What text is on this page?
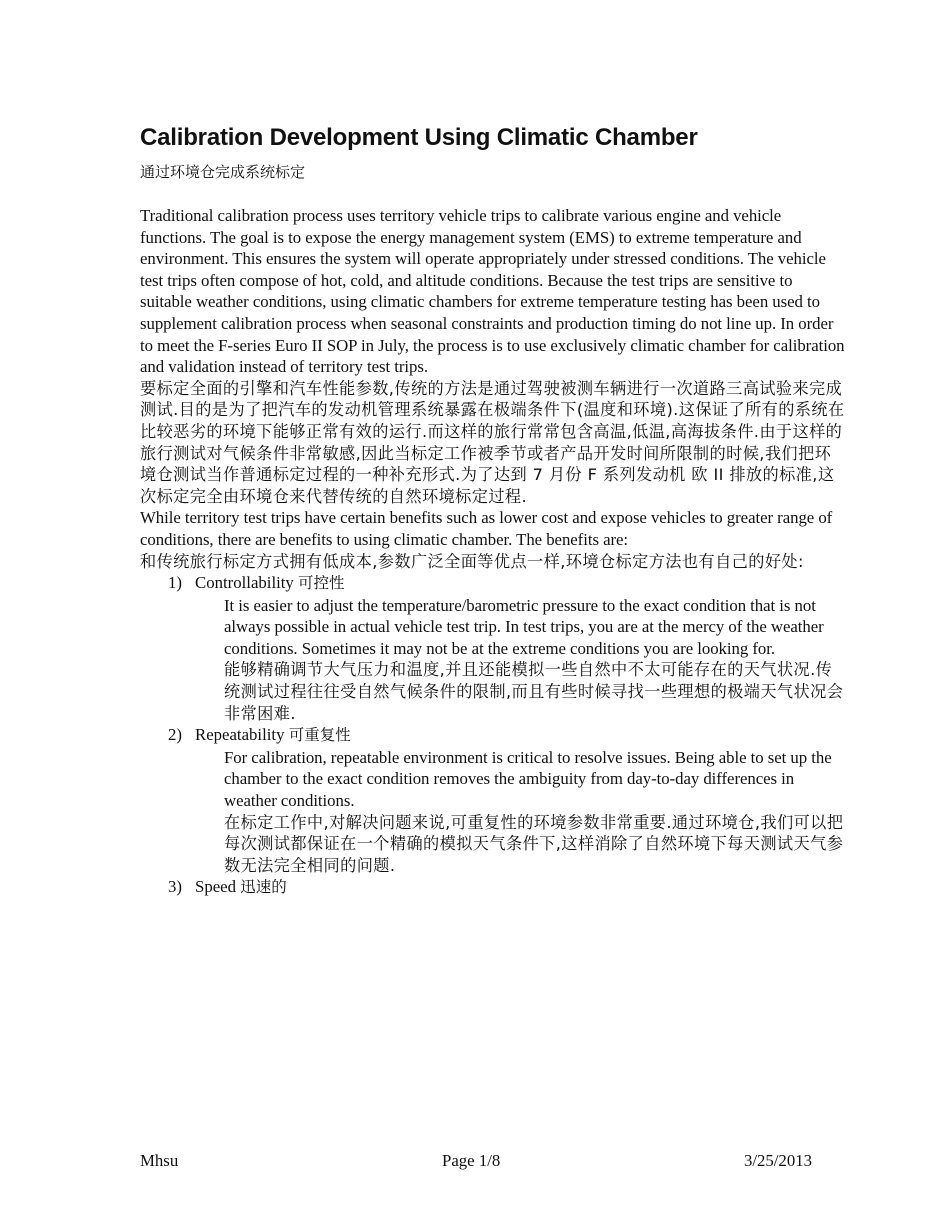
Calibration Development Using Climatic Chamber
通过环境仓完成系统标定

Traditional calibration process uses territory vehicle trips to calibrate various engine and vehicle functions. The goal is to expose the energy management system (EMS) to extreme temperature and environment. This ensures the system will operate appropriately under stressed conditions. The vehicle test trips often compose of hot, cold, and altitude conditions. Because the test trips are sensitive to suitable weather conditions, using climatic chambers for extreme temperature testing has been used to supplement calibration process when seasonal constraints and production timing do not line up. In order to meet the F-series Euro II SOP in July, the process is to use exclusively climatic chamber for calibration and validation instead of territory test trips.

要标定全面的引擎和汽车性能参数,传统的方法是通过驾驶被测车辆进行一次道路三高试验来完成测试.目的是为了把汽车的发动机管理系统暴露在极端条件下(温度和环境).这保证了所有的系统在比较恶劣的环境下能够正常有效的运行.而这样的旅行常常包含高温,低温,高海拔条件.由于这样的旅行测试对气候条件非常敏感,因此当标定工作被季节或者产品开发时间所限制的时候,我们把环境仓测试当作普通标定过程的一种补充形式.为了达到 7 月份 F 系列发动机 欧 II 排放的标准,这次标定完全由环境仓来代替传统的自然环境标定过程.

While territory test trips have certain benefits such as lower cost and expose vehicles to greater range of conditions, there are benefits to using climatic chamber. The benefits are:

和传统旅行标定方式拥有低成本,参数广泛全面等优点一样,环境仓标定方法也有自己的好处:

1) Controllability 可控性

It is easier to adjust the temperature/barometric pressure to the exact condition that is not always possible in actual vehicle test trip. In test trips, you are at the mercy of the weather conditions. Sometimes it may not be at the extreme conditions you are looking for.

能够精确调节大气压力和温度,并且还能模拟一些自然中不太可能存在的天气状况.传统测试过程往往受自然气候条件的限制,而且有些时候寻找一些理想的极端天气状况会非常困难.

2) Repeatability 可重复性

For calibration, repeatable environment is critical to resolve issues. Being able to set up the chamber to the exact condition removes the ambiguity from day-to-day differences in weather conditions.

在标定工作中,对解决问题来说,可重复性的环境参数非常重要.通过环境仓,我们可以把每次测试都保证在一个精确的模拟天气条件下,这样消除了自然环境下每天测试天气参数无法完全相同的问题.

3) Speed 迅速的
Mhsu	Page 1/8	3/25/2013
